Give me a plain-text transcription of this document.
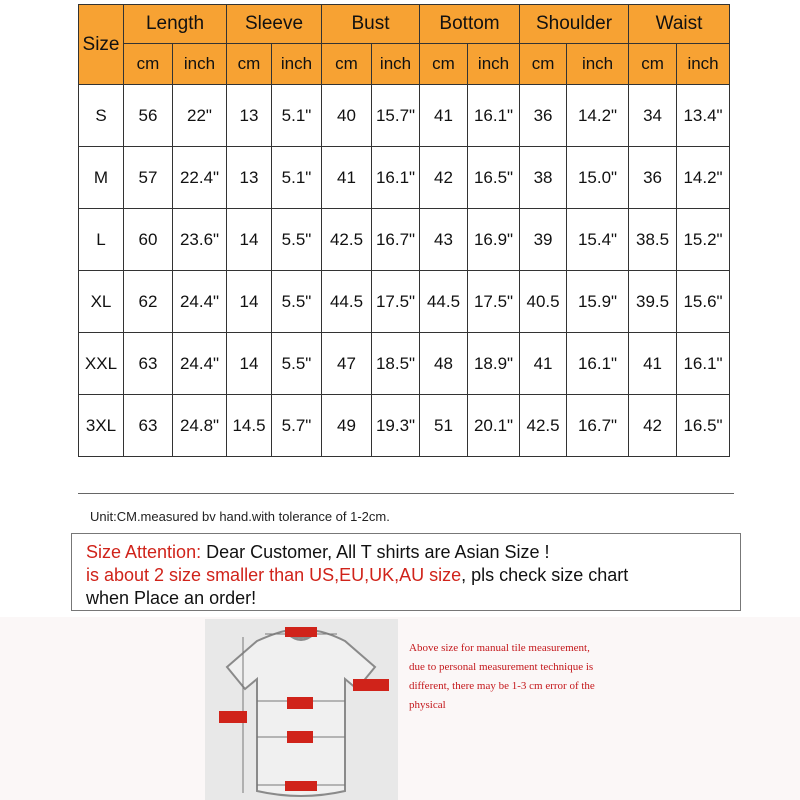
Size	Length		Sleeve		Bust		Bottom		Shoulder		Waist	
	cm	inch	cm	inch	cm	inch	cm	inch	cm	inch	cm	inch
S	56	22"	13	5.1"	40	15.7"	41	16.1"	36	14.2"	34	13.4"
M	57	22.4"	13	5.1"	41	16.1"	42	16.5"	38	15.0"	36	14.2"
L	60	23.6"	14	5.5"	42.5	16.7"	43	16.9"	39	15.4"	38.5	15.2"
XL	62	24.4"	14	5.5"	44.5	17.5"	44.5	17.5"	40.5	15.9"	39.5	15.6"
XXL	63	24.4"	14	5.5"	47	18.5"	48	18.9"	41	16.1"	41	16.1"
3XL	63	24.8"	14.5	5.7"	49	19.3"	51	20.1"	42.5	16.7"	42	16.5"
Unit:CM.measured bv hand.with tolerance of 1-2cm.
Size Attention: Dear Customer, All T shirts are Asian Size !
is about 2 size smaller than US,EU,UK,AU size, pls check size chart
when Place an order!
Above size for manual tile measurement,
due to personal measurement technique is
different, there may be 1-3 cm error of the
physical
